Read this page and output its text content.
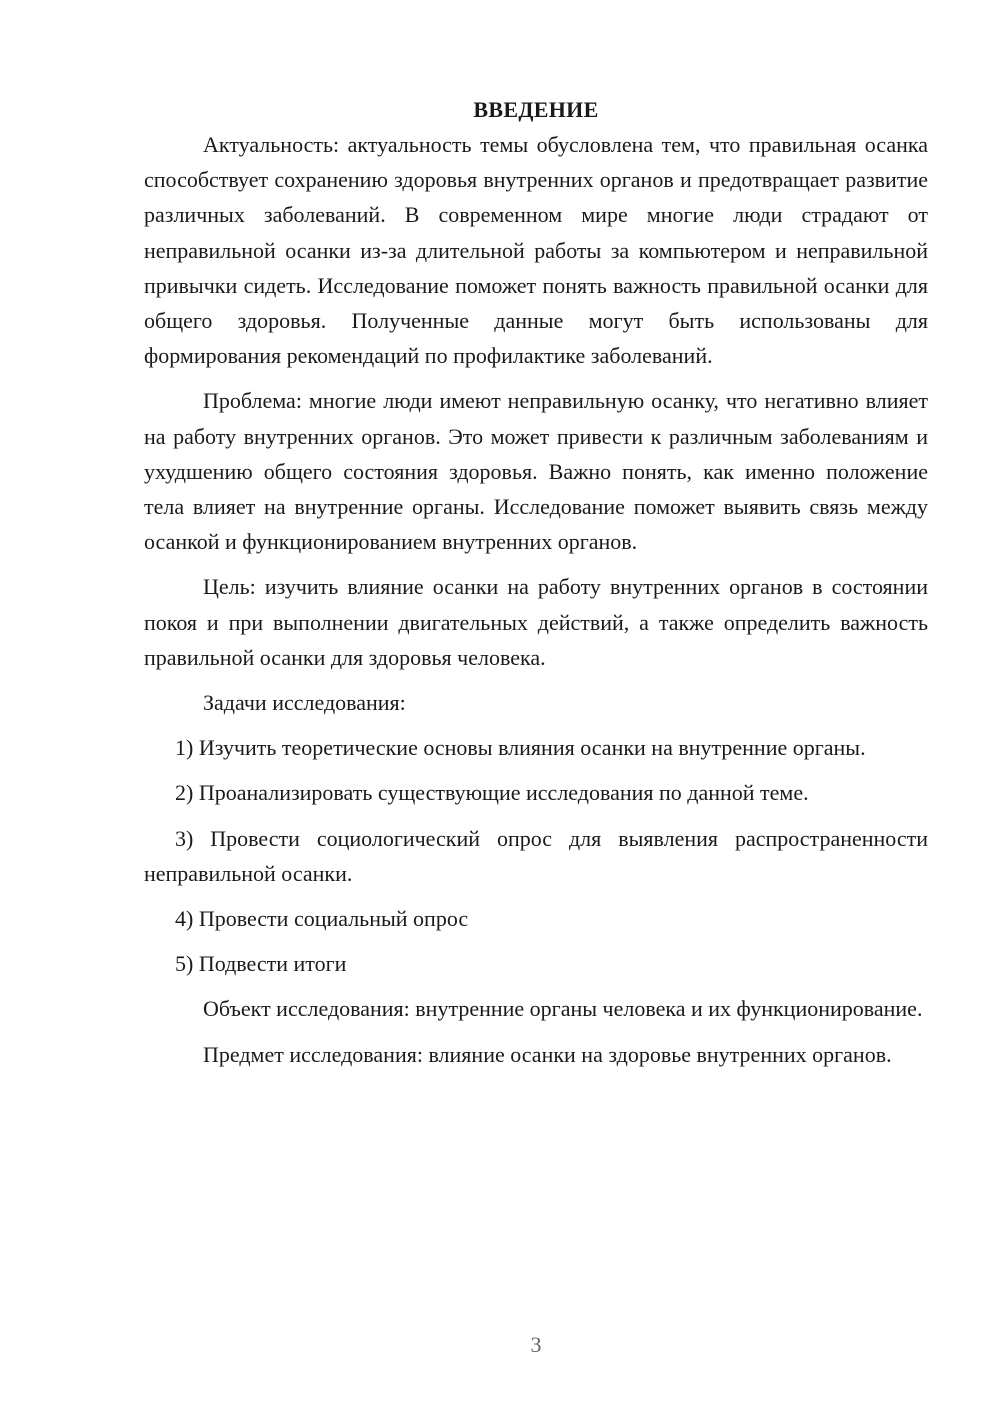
ВВЕДЕНИЕ

Актуальность: актуальность темы обусловлена тем, что правильная осанка способствует сохранению здоровья внутренних органов и предотвращает развитие различных заболеваний. В современном мире многие люди страдают от неправильной осанки из-за длительной работы за компьютером и неправильной привычки сидеть. Исследование поможет понять важность правильной осанки для общего здоровья. Полученные данные могут быть использованы для формирования рекомендаций по профилактике заболеваний.

Проблема: многие люди имеют неправильную осанку, что негативно влияет на работу внутренних органов. Это может привести к различным заболеваниям и ухудшению общего состояния здоровья. Важно понять, как именно положение тела влияет на внутренние органы. Исследование поможет выявить связь между осанкой и функционированием внутренних органов.

Цель: изучить влияние осанки на работу внутренних органов в состоянии покоя и при выполнении двигательных действий, а также определить важность правильной осанки для здоровья человека.

Задачи исследования:

1) Изучить теоретические основы влияния осанки на внутренние органы.

2) Проанализировать существующие исследования по данной теме.

3) Провести социологический опрос для выявления распространенности неправильной осанки.

4) Провести социальный опрос

5) Подвести итоги

Объект исследования: внутренние органы человека и их функционирование.

Предмет исследования: влияние осанки на здоровье внутренних органов.

3
